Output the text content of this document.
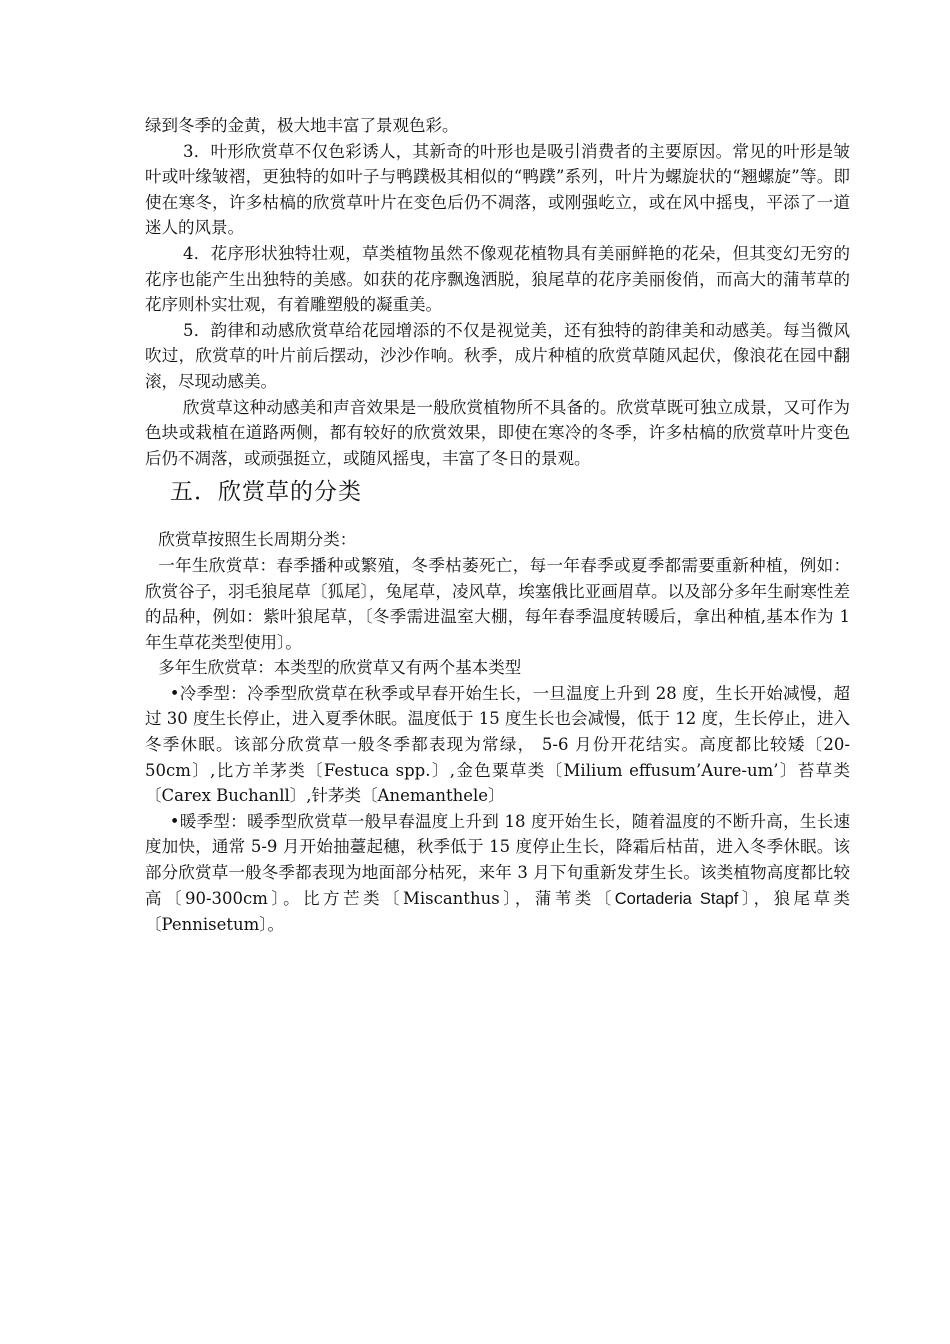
绿到冬季的金黄，极大地丰富了景观色彩。

3．叶形欣赏草不仅色彩诱人，其新奇的叶形也是吸引消费者的主要原因。常见的叶形是皱叶或叶缘皱褶，更独特的如叶子与鸭蹼极其相似的“鸭蹼”系列，叶片为螺旋状的“翘螺旋”等。即使在寒冬，许多枯槁的欣赏草叶片在变色后仍不凋落，或刚强屹立，或在风中摇曳，平添了一道迷人的风景。

4．花序形状独特壮观，草类植物虽然不像观花植物具有美丽鲜艳的花朵，但其变幻无穷的花序也能产生出独特的美感。如获的花序飘逸洒脱，狼尾草的花序美丽俊俏，而高大的蒲苇草的花序则朴实壮观，有着雕塑般的凝重美。

5．韵律和动感欣赏草给花园增添的不仅是视觉美，还有独特的韵律美和动感美。每当微风吹过，欣赏草的叶片前后摆动，沙沙作响。秋季，成片种植的欣赏草随风起伏，像浪花在园中翻滚，尽现动感美。

欣赏草这种动感美和声音效果是一般欣赏植物所不具备的。欣赏草既可独立成景，又可作为色块或栽植在道路两侧，都有较好的欣赏效果，即使在寒冷的冬季，许多枯槁的欣赏草叶片变色后仍不凋落，或顽强挺立，或随风摇曳，丰富了冬日的景观。

五．欣赏草的分类

欣赏草按照生长周期分类：

一年生欣赏草：春季播种或繁殖，冬季枯萎死亡，每一年春季或夏季都需要重新种植，例如：欣赏谷子，羽毛狼尾草〔狐尾〕，兔尾草，凌风草，埃塞俄比亚画眉草。以及部分多年生耐寒性差的品种，例如：紫叶狼尾草，〔冬季需进温室大棚，每年春季温度转暖后，拿出种植,基本作为 1 年生草花类型使用〕。

多年生欣赏草：本类型的欣赏草又有两个基本类型

•冷季型：冷季型欣赏草在秋季或早春开始生长，一旦温度上升到 28 度，生长开始减慢，超过 30 度生长停止，进入夏季休眠。温度低于 15 度生长也会减慢，低于 12 度，生长停止，进入冬季休眠。该部分欣赏草一般冬季都表现为常绿， 5-6 月份开花结实。高度都比较矮〔20-50cm〕,比方羊茅类〔Festuca spp.〕,金色粟草类〔Milium effusum’Aure-um’〕苔草类〔Carex Buchanll〕,针茅类〔Anemanthele〕

•暖季型：暖季型欣赏草一般早春温度上升到 18 度开始生长，随着温度的不断升高，生长速度加快，通常 5-9 月开始抽薹起穗，秋季低于 15 度停止生长，降霜后枯苗，进入冬季休眠。该部分欣赏草一般冬季都表现为地面部分枯死，来年 3 月下旬重新发芽生长。该类植物高度都比较高〔90-300cm〕。比方芒类〔Miscanthus〕，蒲苇类〔Cortaderia Stapf〕，狼尾草类〔Pennisetum〕。
